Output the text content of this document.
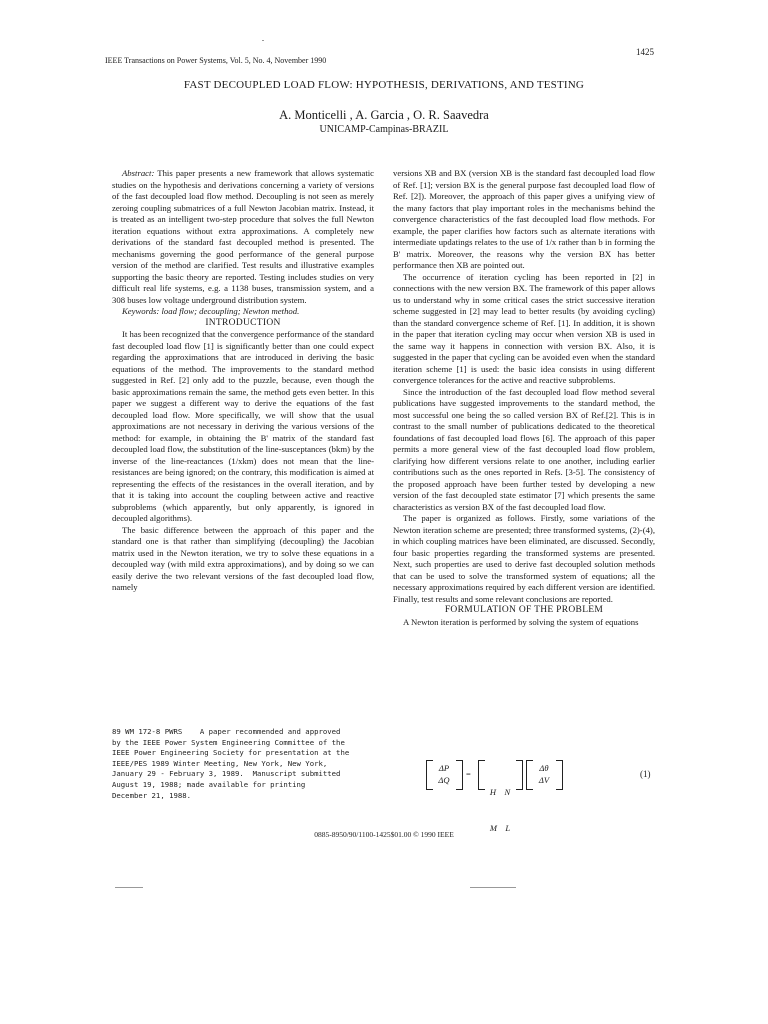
1425
IEEE Transactions on Power Systems, Vol. 5, No. 4, November 1990
FAST DECOUPLED LOAD FLOW: HYPOTHESIS, DERIVATIONS, AND TESTING
A. Monticelli , A. Garcia , O. R. Saavedra
UNICAMP-Campinas-BRAZIL

Abstract: This paper presents a new framework that allows systematic studies on the hypothesis and derivations concerning a variety of versions of the fast decoupled load flow method. Decoupling is not seen as merely zeroing coupling submatrices of a full Newton Jacobian matrix. Instead, it is treated as an intelligent two-step procedure that solves the full Newton iteration equations without extra approximations. A completely new derivations of the standard fast decoupled method is presented. The mechanisms governing the good performance of the general purpose version of the method are clarified. Test results and illustrative examples supporting the basic theory are reported. Testing includes studies on very difficult real life systems, e.g. a 1138 buses, transmission system, and a 308 buses low voltage underground distribution system.

Keywords: load flow; decoupling; Newton method.

INTRODUCTION

It has been recognized that the convergence performance of the standard fast decoupled load flow [1] is significantly better than one could expect regarding the approximations that are introduced in deriving the basic equations of the method. The improvements to the standard method suggested in Ref. [2] only add to the puzzle, because, even though the basic approximations remain the same, the method gets even better. In this paper we suggest a different way to derive the equations of the fast decoupled load flow. More specifically, we will show that the usual approximations are not necessary in deriving the various versions of the method: for example, in obtaining the B' matrix of the standard fast decoupled load flow, the substitution of the line-susceptances (bkm) by the inverse of the line-reactances (1/xkm) does not mean that the line-resistances are being ignored; on the contrary, this modification is aimed at representing the effects of the resistances in the overall iteration, and by that it is taking into account the coupling between active and reactive subproblems (which apparently, but only apparently, is ignored in decoupled algorithms).

The basic difference between the approach of this paper and the standard one is that rather than simplifying (decoupling) the Jacobian matrix used in the Newton iteration, we try to solve these equations in a decoupled way (with mild extra approximations), and by doing so we can easily derive the two relevant versions of the fast decoupled load flow, namely

89 WM 172-8 PWRS    A paper recommended and approved
by the IEEE Power System Engineering Committee of the
IEEE Power Engineering Society for presentation at the
IEEE/PES 1989 Winter Meeting, New York, New York,
January 29 - February 3, 1989.  Manuscript submitted
August 19, 1988; made available for printing
December 21, 1988.

versions XB and BX (version XB is the standard fast decoupled load flow of Ref. [1]; version BX is the general purpose fast decoupled load flow of Ref. [2]). Moreover, the approach of this paper gives a unifying view of the many factors that play important roles in the mechanisms behind the convergence characteristics of the fast decoupled load flow methods. For example, the paper clarifies how factors such as alternate iterations with intermediate updatings relates to the use of 1/x rather than b in forming the B' matrix. Moreover, the reasons why the version BX has better performance then XB are pointed out.

The occurrence of iteration cycling has been reported in [2] in connections with the new version BX. The framework of this paper allows us to understand why in some critical cases the strict successive iteration scheme suggested in [2] may lead to better results (by avoiding cycling) than the standard convergence scheme of Ref. [1]. In addition, it is shown in the paper that iteration cycling may occur when version XB is used in the same way it happens in connection with version BX. Also, it is suggested in the paper that cycling can be avoided even when the standard iteration scheme [1] is used: the basic idea consists in using different convergence tolerances for the active and reactive subproblems.

Since the introduction of the fast decoupled load flow method several publications have suggested improvements to the standard method, the most successful one being the so called version BX of Ref.[2]. This is in contrast to the small number of publications dedicated to the theoretical foundations of fast decoupled load flows [6]. The approach of this paper permits a more general view of the fast decoupled load flow problem, clarifying how different versions relate to one another, including earlier contributions such as the ones reported in Refs. [3-5]. The consistency of the proposed approach have been further tested by developing a new version of the fast decoupled state estimator [7] which presents the same characteristics as version BX of the fast decoupled load flow.

The paper is organized as follows. Firstly, some variations of the Newton iteration scheme are presented; three transformed systems, (2)-(4), in which coupling matrices have been eliminated, are discussed. Secondly, four basic properties regarding the transformed systems are presented. Next, such properties are used to derive fast decoupled solution methods that can be used to solve the transformed system of equations; all the necessary approximations required by each different version are identified. Finally, test results and some relevant conclusions are reported.

FORMULATION OF THE PROBLEM

A Newton iteration is performed by solving the system of equations

ΔP
ΔQ
=

H    N

M    L

Δθ
ΔV
(1)
0885-8950/90/1100-1425$01.00 © 1990 IEEE
